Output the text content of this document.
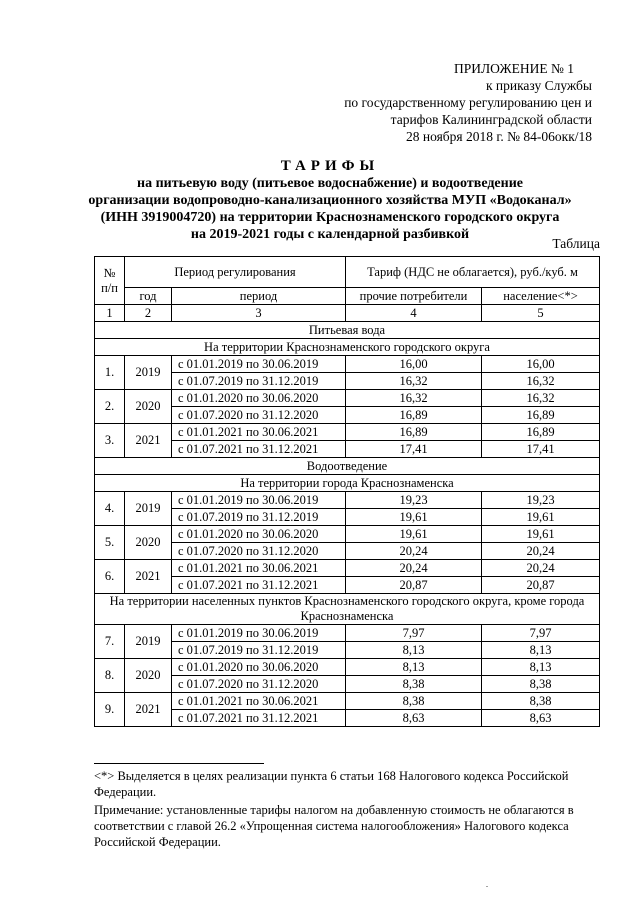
ПРИЛОЖЕНИЕ № 1
к приказу Службы
по государственному регулированию цен и
тарифов Калининградской области
28 ноября 2018 г. № 84-06окк/18
ТАРИФЫ
на питьевую воду (питьевое водоснабжение) и водоотведение
организации водопроводно-канализационного хозяйства МУП «Водоканал»
(ИНН 3919004720) на территории Краснознаменского городского округа
на 2019-2021 годы с календарной разбивкой
Таблица
№ п/п	Период регулирования		Тариф (НДС не облагается), руб./куб. м	
	год	период	прочие потребители	население<*>
1	2	3	4	5
Питьевая вода				
На территории Краснознаменского городского округа				
1.	2019	с 01.01.2019 по 30.06.2019	16,00	16,00
		с 01.07.2019 по 31.12.2019	16,32	16,32
2.	2020	с 01.01.2020 по 30.06.2020	16,32	16,32
		с 01.07.2020 по 31.12.2020	16,89	16,89
3.	2021	с 01.01.2021 по 30.06.2021	16,89	16,89
		с 01.07.2021 по 31.12.2021	17,41	17,41
Водоотведение				
На территории города Краснознаменска				
4.	2019	с 01.01.2019 по 30.06.2019	19,23	19,23
		с 01.07.2019 по 31.12.2019	19,61	19,61
5.	2020	с 01.01.2020 по 30.06.2020	19,61	19,61
		с 01.07.2020 по 31.12.2020	20,24	20,24
6.	2021	с 01.01.2021 по 30.06.2021	20,24	20,24
		с 01.07.2021 по 31.12.2021	20,87	20,87
На территории населенных пунктов Краснознаменского городского округа, кроме города Краснознаменска				
7.	2019	с 01.01.2019 по 30.06.2019	7,97	7,97
		с 01.07.2019 по 31.12.2019	8,13	8,13
8.	2020	с 01.01.2020 по 30.06.2020	8,13	8,13
		с 01.07.2020 по 31.12.2020	8,38	8,38
9.	2021	с 01.01.2021 по 30.06.2021	8,38	8,38
		с 01.07.2021 по 31.12.2021	8,63	8,63

<*> Выделяется в целях реализации пункта 6 статьи 168 Налогового кодекса Российской Федерации.

Примечание: установленные тарифы налогом на добавленную стоимость не облагаются в соответствии с главой 26.2 «Упрощенная система налогообложения» Налогового кодекса Российской Федерации.

.
